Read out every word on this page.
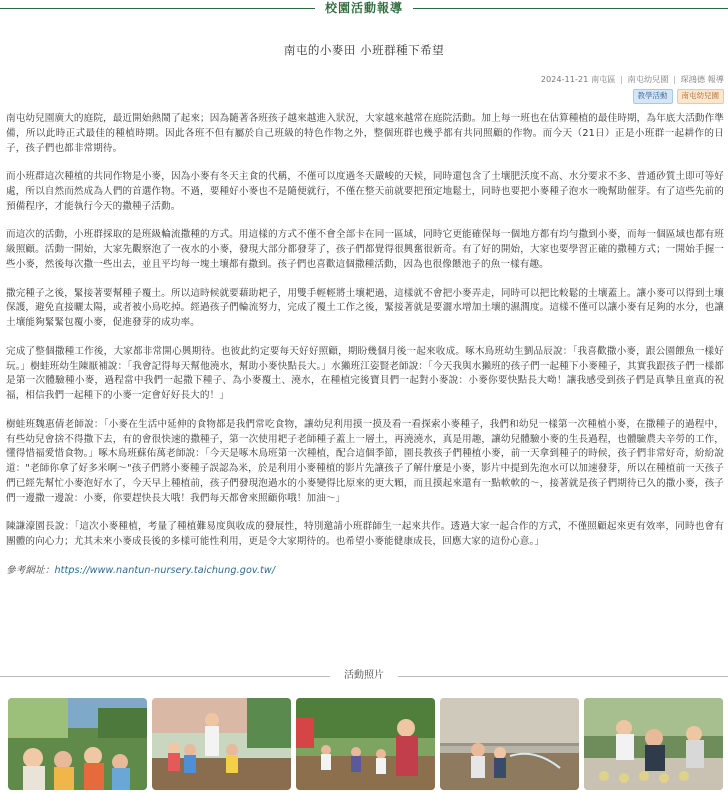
校園活動報導
南屯的小麥田 小班群種下希望
2024-11-21 南屯區 | 南屯幼兒園 | 琛鴻德 報導
教學活動	南屯幼兒園

南屯幼兒園廣大的庭院，最近開始熱鬧了起來；因為隨著各班孩子越來越進入狀況，大家越來越常在庭院活動。加上每一班也在估算種植的最佳時期，為年底大活動作準備，所以此時正式最佳的種植時期。因此各班不但有屬於自己班級的特色作物之外，整個班群也幾乎都有共同照顧的作物。而今天（21日）正是小班群一起耕作的日子，孩子們也都非常期待。

而小班群這次種植的共同作物是小麥，因為小麥有冬天主食的代稱，不僅可以度過冬天嚴峻的天候，同時還包含了土壤肥沃度不高、水分要求不多、普通砂質土即可等好處，所以自然而然成為人們的首選作物。不過，要種好小麥也不是隨便就行，不僅在整天前就要把預定地鬆土，同時也要把小麥種子泡水一晚幫助催芽。有了這些先前的預備程序，才能執行今天的撒種子活動。

而這次的活動，小班群採取的是班級輪流撒種的方式。用這樣的方式不僅不會全部卡在同一區域，同時它更能確保每一個地方都有均勻撒到小麥，而每一個區域也都有班級照顧。活動一開始，大家先觀察泡了一夜水的小麥，發現大部分都發芽了，孩子們都覺得很興奮很新奇。有了好的開始，大家也要學習正確的撒種方式；一開始手握一些小麥，然後每次撒一些出去，並且平均每一塊土壤都有撒到。孩子們也喜歡這個撒種活動，因為也很像餵池子的魚一樣有趣。

撒完種子之後，緊接著要幫種子覆土。所以這時候就要藉助耙子，用雙手輕輕將土壤耙過，這樣就不會把小麥弄走，同時可以把比較鬆的土壤蓋上。讓小麥可以得到土壤保護，避免直接曬太陽，或者被小鳥吃掉。經過孩子們輪流努力，完成了覆土工作之後，緊接著就是要灑水增加土壤的濕潤度。這樣不僅可以讓小麥有足夠的水分，也讓土壤能夠緊緊包覆小麥，促進發芽的成功率。

完成了整個撒種工作後，大家都非常開心興期待。也彼此約定要每天好好照顧，期盼幾個月後一起來收成。啄木鳥班幼生劉品辰說：「我喜歡撒小麥，跟公園餵魚一樣好玩。」樹蛙班幼生陳厭補說：「我會記得每天幫他澆水，幫助小麥快點長大。」水獺班江姿賢老師說：「今天我與水獺班的孩子們一起種下小麥種子，其實我跟孩子們一樣都是第一次體驗種小麥，過程當中我們一起撒下種子、為小麥覆土、澆水，在種植完後寶貝們一起對小麥說：小麥你要快點長大呦！讓我感受到孩子們是真摯且童真的祝福，相信我們一起種下的小麥一定會好好長大的！」

樹蛙班魏惠倩老師說：「小麥在生活中延伸的食物都是我們常吃食物，讓幼兒利用摸一摸及看一看探索小麥種子，我們和幼兒一樣第一次種植小麥，在撒種子的過程中，有些幼兒會捨不得撒下去，有的會很快速的撒種子，第一次使用耙子老師種子蓋上一層土，再澆澆水，真是用趣，讓幼兒體驗小麥的生長過程，也體驗農夫辛勞的工作，懂得惜福愛惜食物。」啄木鳥班蘇佑萬老師說：「今天是啄木鳥班第一次種植，配合這個季節，園長教孩子們種植小麥，前一天拿到種子的時候，孩子們非常好奇，紛紛說道："老師你拿了好多米啊～"孩子們將小麥種子誤認為米，於是利用小麥種植的影片先讓孩子了解什麼是小麥，影片中提到先泡水可以加速發芽，所以在種植前一天孩子們已經先幫忙小麥泡好水了，今天早上種植前，孩子們發現泡過水的小麥變得比原來的更大顆，而且摸起來還有一點軟軟的～，接著就是孩子們期待已久的撒小麥，孩子們一邊撒一邊說：小麥，你要趕快長大哦！我們每天都會來照顧你哦！加油～」

陳謙濠園長說：「這次小麥種植，考量了種植難易度與收成的發展性，特別邀請小班群師生一起來共作。透過大家一起合作的方式，不僅照顧起來更有效率，同時也會有團體的向心力；尤其未來小麥成長後的多樣可能性利用，更是令大家期待的。也希望小麥能健康成長，回應大家的這份心意。」

參考網址：https://www.nantun-nursery.taichung.gov.tw/

活動照片
